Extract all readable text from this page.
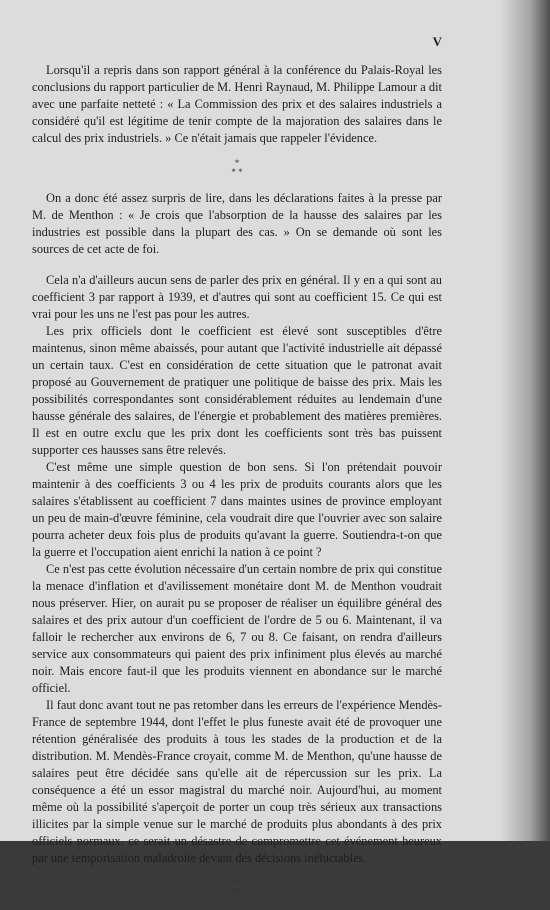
V

Lorsqu'il a repris dans son rapport général à la conférence du Palais-Royal les conclusions du rapport particulier de M. Henri Raynaud, M. Philippe Lamour a dit avec une parfaite netteté : « La Commission des prix et des salaires industriels a considéré qu'il est légitime de tenir compte de la majoration des salaires dans le calcul des prix industriels. » Ce n'était jamais que rappeler l'évidence.

*
* *

On a donc été assez surpris de lire, dans les déclarations faites à la presse par M. de Menthon : « Je crois que l'absorption de la hausse des salaires par les industries est possible dans la plupart des cas. » On se demande où sont les sources de cet acte de foi.

Cela n'a d'ailleurs aucun sens de parler des prix en général. Il y en a qui sont au coefficient 3 par rapport à 1939, et d'autres qui sont au coefficient 15. Ce qui est vrai pour les uns ne l'est pas pour les autres.

Les prix officiels dont le coefficient est élevé sont susceptibles d'être maintenus, sinon même abaissés, pour autant que l'activité industrielle ait dépassé un certain taux. C'est en considération de cette situation que le patronat avait proposé au Gouvernement de pratiquer une politique de baisse des prix. Mais les possibilités correspondantes sont considérablement réduites au lendemain d'une hausse générale des salaires, de l'énergie et probablement des matières premières. Il est en outre exclu que les prix dont les coefficients sont très bas puissent supporter ces hausses sans être relevés.

C'est même une simple question de bon sens. Si l'on prétendait pouvoir maintenir à des coefficients 3 ou 4 les prix de produits courants alors que les salaires s'établissent au coefficient 7 dans maintes usines de province employant un peu de main-d'œuvre féminine, cela voudrait dire que l'ouvrier avec son salaire pourra acheter deux fois plus de produits qu'avant la guerre. Soutiendra-t-on que la guerre et l'occupation aient enrichi la nation à ce point ?

Ce n'est pas cette évolution nécessaire d'un certain nombre de prix qui constitue la menace d'inflation et d'avilissement monétaire dont M. de Menthon voudrait nous préserver. Hier, on aurait pu se proposer de réaliser un équilibre général des salaires et des prix autour d'un coefficient de l'ordre de 5 ou 6. Maintenant, il va falloir le rechercher aux environs de 6, 7 ou 8. Ce faisant, on rendra d'ailleurs service aux consommateurs qui paient des prix infiniment plus élevés au marché noir. Mais encore faut-il que les produits viennent en abondance sur le marché officiel.

Il faut donc avant tout ne pas retomber dans les erreurs de l'expérience Mendès-France de septembre 1944, dont l'effet le plus funeste avait été de provoquer une rétention généralisée des produits à tous les stades de la production et de la distribution. M. Mendès-France croyait, comme M. de Menthon, qu'une hausse de salaires peut être décidée sans qu'elle ait de répercussion sur les prix. La conséquence a été un essor magistral du marché noir. Aujourd'hui, au moment même où la possibilité s'aperçoit de porter un coup très sérieux aux transactions illicites par la simple venue sur le marché de produits plus abondants à des prix officiels normaux, ce serait un désastre de compromettre cet événement heureux par une temporisation maladroite devant des décisions inéluctables.

*
* *
